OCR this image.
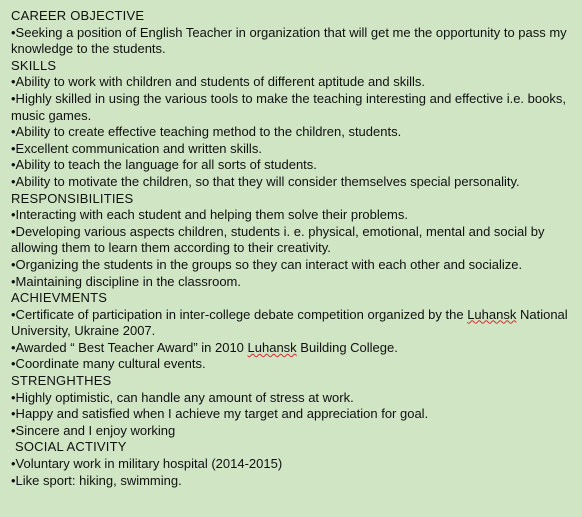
CAREER OBJECTIVE
•Seeking a position of English Teacher in organization that will get me the opportunity to pass my knowledge to the students.
SKILLS
•Ability to work with children and students of different aptitude and skills.
•Highly skilled in using the various tools to make the teaching interesting and effective i.e. books, music games.
•Ability to create effective teaching method to the children, students.
•Excellent communication and written skills.
•Ability to teach the language for all sorts of students.
•Ability to motivate the children, so that they will consider themselves special personality.
RESPONSIBILITIES
•Interacting with each student and helping them solve their problems.
•Developing various aspects children, students i. e. physical, emotional, mental and social by allowing them to learn them according to their creativity.
•Organizing the students in the groups so they can interact with each other and socialize.
•Maintaining discipline in the classroom.
ACHIEVMENTS
•Certificate of participation in inter-college debate competition organized by the Luhansk National University, Ukraine 2007.
•Awarded “ Best Teacher Award” in 2010 Luhansk Building College.
•Coordinate many cultural events.
STRENGHTHES
•Highly optimistic, can handle any amount of stress at work.
•Happy and satisfied when I achieve my target and appreciation for goal.
•Sincere and I enjoy working
SOCIAL ACTIVITY
•Voluntary work in military hospital (2014-2015)
•Like sport: hiking, swimming.
